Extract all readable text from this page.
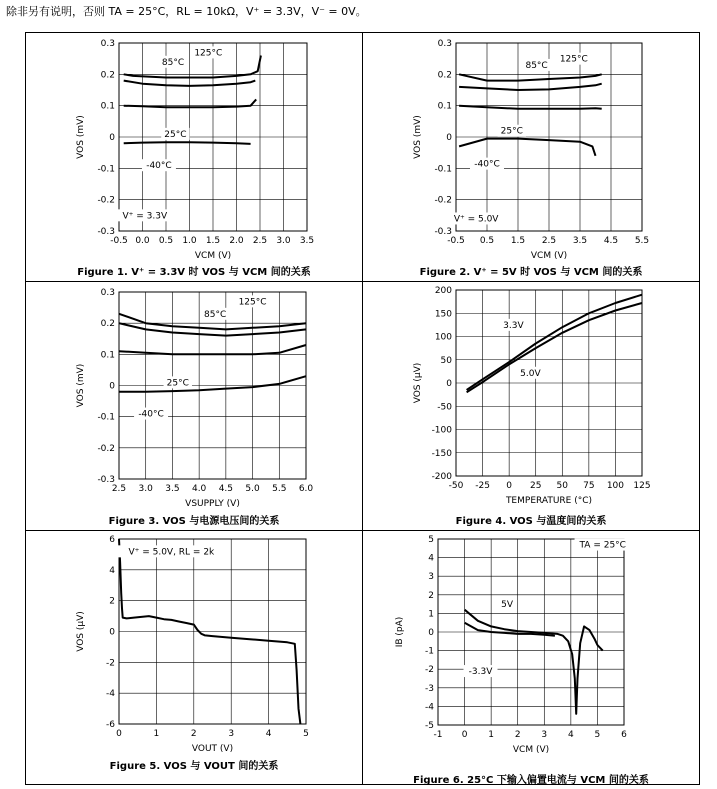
除非另有说明，否则 TA = 25°C，RL = 10kΩ，V⁺ = 3.3V，V⁻ = 0V。
-0.5 0.0 0.5 1.0 1.5 2.0 2.5 3.0 3.5
0.3
0.2
0.1
0
-0.1
-0.2
-0.3
VCM (V)
VOS (mV)
125°C
85°C
25°C
-40°C
V⁺ = 3.3V
Figure 1. V⁺ = 3.3V 时 VOS 与 VCM 间的关系
-0.5 0.5 1.5 2.5 3.5 4.5 5.5
0.3
0.2
0.1
0
-0.1
-0.2
-0.3
VCM (V)
VOS (mV)
125°C
85°C
25°C
-40°C
V⁺ = 5.0V
Figure 2. V⁺ = 5V 时 VOS 与 VCM 间的关系
2.5 3.0 3.5 4.0 4.5 5.0 5.5 6.0
0.3
0.2
0.1
0
-0.1
-0.2
-0.3
VSUPPLY (V)
VOS (mV)
125°C
85°C
25°C
-40°C
Figure 3. VOS 与电源电压间的关系
-50 -25 0 25 50 75 100 125
200
150
100
50
0
-50
-100
-150
-200
TEMPERATURE (°C)
VOS (µV)
3.3V
5.0V
Figure 4. VOS 与温度间的关系
0	1	2	3	4	5
6
4
2
0
-2
-4
-6
VOUT (V)
VOS (µV)
V⁺ = 5.0V, RL = 2k
Figure 5. VOS 与 VOUT 间的关系
-1 0 1 2 3 4 5 6
5
4
3
2
1
0
-1
-2
-3
-4
-5
VCM (V)
IB (pA)
5V
-3.3V
TA = 25°C
Figure 6. 25°C 下输入偏置电流与 VCM 间的关系
